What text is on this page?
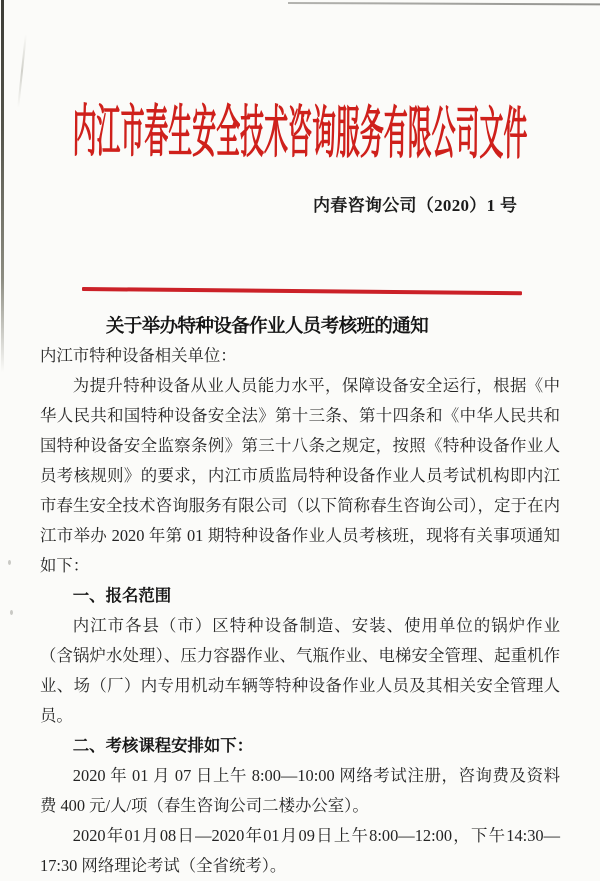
内江市春生安全技术咨询服务有限公司文件
内春咨询公司（2020）1 号
关于举办特种设备作业人员考核班的通知

内江市特种设备相关单位：

为提升特种设备从业人员能力水平，保障设备安全运行，根据《中华人民共和国特种设备安全法》第十三条、第十四条和《中华人民共和国特种设备安全监察条例》第三十八条之规定，按照《特种设备作业人员考核规则》的要求，内江市质监局特种设备作业人员考试机构即内江市春生安全技术咨询服务有限公司（以下简称春生咨询公司），定于在内江市举办 2020 年第 01 期特种设备作业人员考核班，现将有关事项通知如下：

一、报名范围

内江市各县（市）区特种设备制造、安装、使用单位的锅炉作业（含锅炉水处理）、压力容器作业、气瓶作业、电梯安全管理、起重机作业、场（厂）内专用机动车辆等特种设备作业人员及其相关安全管理人员。

二、考核课程安排如下：

2020 年 01 月 07 日上午 8:00—10:00 网络考试注册，咨询费及资料费 400 元/人/项（春生咨询公司二楼办公室）。

2020年01月08日—2020年01月09日上午8:00—12:00，下午14:30—17:30 网络理论考试（全省统考）。
